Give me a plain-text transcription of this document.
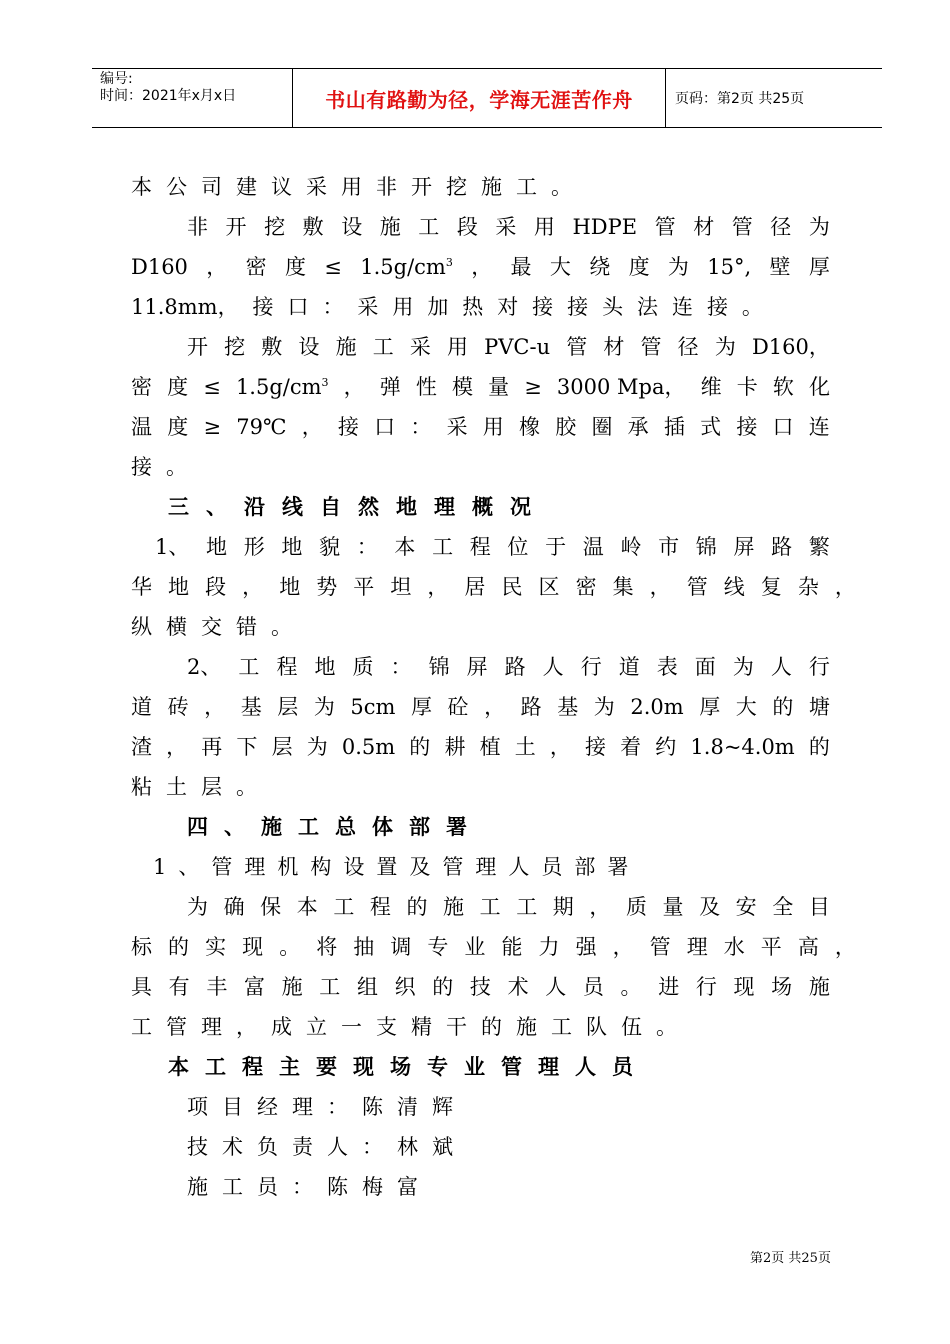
编号:
时间：2021年x月x日	书山有路勤为径，学海无涯苦作舟	页码：第2页 共25页
本公司建议采用非开挖施工。
非 开 挖 敷 设 施 工 段 采 用 HDPE 管 材 管 径 为
D160 ， 密 度 ≤ $1.5g/cm^3$ ， 最 大 绕 度 为 15°, 壁 厚
11.8mm， 接 口 ： 采 用 加 热 对 接 接 头 法 连 接 。
开 挖 敷 设 施 工 采 用 PVC-u 管 材 管 径 为 D160，
密 度 ≤ $1.5g/cm^3$ ， 弹 性 模 量 ≥ 3000 Mpa， 维 卡 软 化
温 度 ≥ 79℃ ， 接 口 ： 采 用 橡 胶 圈 承 插 式 接 口 连
接。
三、沿线自然地理概况
1、 地 形 地 貌 ： 本 工 程 位 于 温 岭 市 锦 屏 路 繁
华 地 段 ， 地 势 平 坦 ， 居 民 区 密 集 ， 管 线 复 杂 ，
纵横交错。
2、 工 程 地 质 ： 锦 屏 路 人 行 道 表 面 为 人 行
道 砖 ， 基 层 为 5cm 厚 砼 ， 路 基 为 2.0m 厚 大 的 塘
渣 ， 再 下 层 为 0.5m 的 耕 植 土 ， 接 着 约 1.8~4.0m 的
粘土层。
四、施工总体部署
1、管理机构设置及管理人员部署
为 确 保 本 工 程 的 施 工 工 期 ， 质 量 及 安 全 目
标 的 实 现 。 将 抽 调 专 业 能 力 强 ， 管 理 水 平 高 ，
具 有 丰 富 施 工 组 织 的 技 术 人 员 。 进 行 现 场 施
工管理，成立一支精干的施工队伍。
本工程主要现场专业管理人员
项目经理：陈清辉
技术负责人：林斌
施工员：陈梅富
第2页 共25页
